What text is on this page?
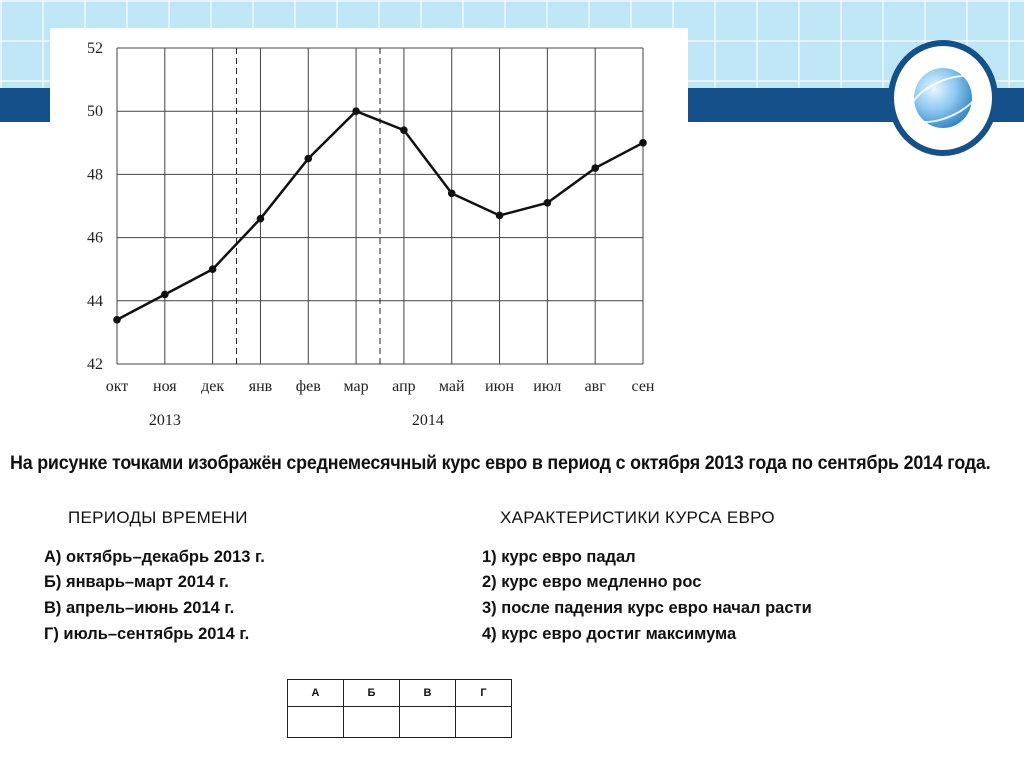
42
44
46
48
50
52
окт ноя дек янв фев мар апр май июн июл авг сен
2013	2014
На рисунке точками изображён среднемесячный курс евро в период с октября 2013 года по сентябрь 2014 года.
ПЕРИОДЫ ВРЕМЕНИ	ХАРАКТЕРИСТИКИ КУРСА ЕВРО
А) октябрь–декабрь 2013 г.
Б) январь–март 2014 г.
В) апрель–июнь 2014 г.
Г) июль–сентябрь 2014 г.
1) курс евро падал
2) курс евро медленно рос
3) после падения курс евро начал расти
4) курс евро достиг максимума
А	Б	В	Г
